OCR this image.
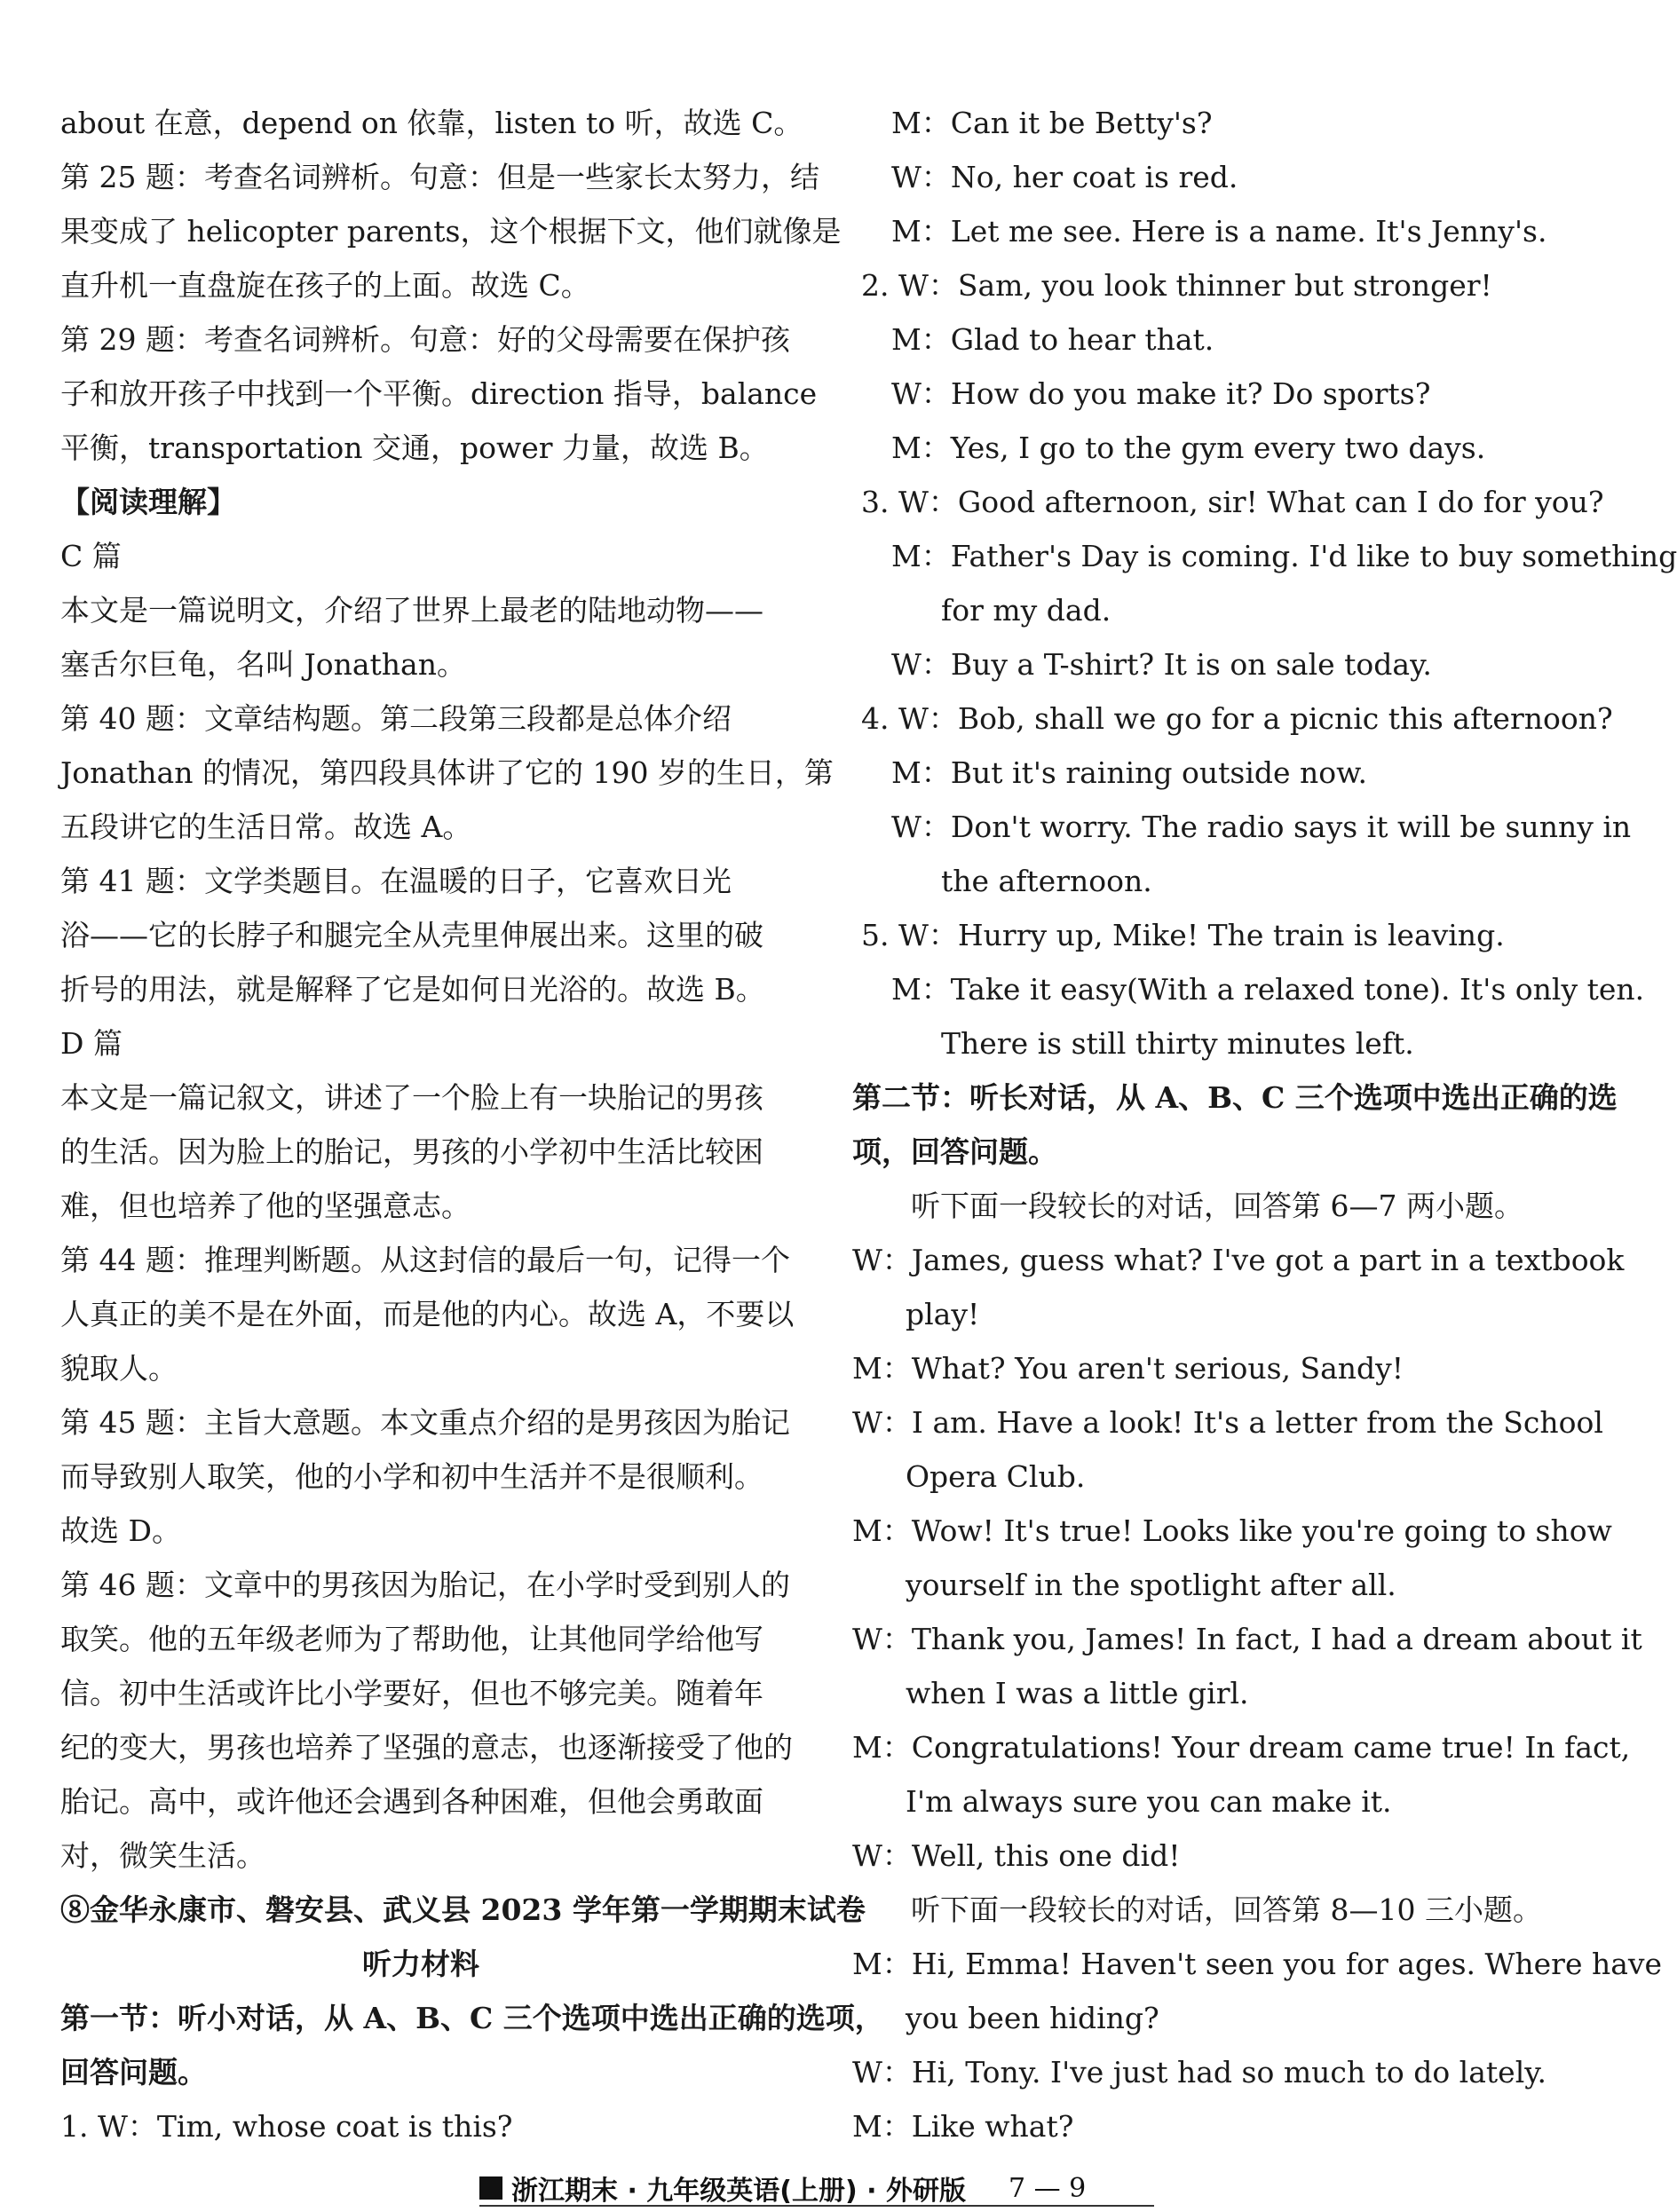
about 在意，depend on 依靠，listen to 听，故选 C。
第 25 题：考查名词辨析。句意：但是一些家长太努力，结
果变成了 helicopter parents，这个根据下文，他们就像是
直升机一直盘旋在孩子的上面。故选 C。
第 29 题：考查名词辨析。句意：好的父母需要在保护孩
子和放开孩子中找到一个平衡。direction 指导，balance
平衡，transportation 交通，power 力量，故选 B。
【阅读理解】
C 篇
本文是一篇说明文，介绍了世界上最老的陆地动物——
塞舌尔巨龟，名叫 Jonathan。
第 40 题：文章结构题。第二段第三段都是总体介绍
Jonathan 的情况，第四段具体讲了它的 190 岁的生日，第
五段讲它的生活日常。故选 A。
第 41 题：文学类题目。在温暖的日子，它喜欢日光
浴——它的长脖子和腿完全从壳里伸展出来。这里的破
折号的用法，就是解释了它是如何日光浴的。故选 B。
D 篇
本文是一篇记叙文，讲述了一个脸上有一块胎记的男孩
的生活。因为脸上的胎记，男孩的小学初中生活比较困
难，但也培养了他的坚强意志。
第 44 题：推理判断题。从这封信的最后一句，记得一个
人真正的美不是在外面，而是他的内心。故选 A，不要以
貌取人。
第 45 题：主旨大意题。本文重点介绍的是男孩因为胎记
而导致别人取笑，他的小学和初中生活并不是很顺利。
故选 D。
第 46 题：文章中的男孩因为胎记，在小学时受到别人的
取笑。他的五年级老师为了帮助他，让其他同学给他写
信。初中生活或许比小学要好，但也不够完美。随着年
纪的变大，男孩也培养了坚强的意志，也逐渐接受了他的
胎记。高中，或许他还会遇到各种困难，但他会勇敢面
对，微笑生活。
⑧金华永康市、磐安县、武义县 2023 学年第一学期期末试卷
听力材料
第一节：听小对话，从 A、B、C 三个选项中选出正确的选项，
回答问题。
1. W：Tim, whose coat is this?
M：Can it be Betty's?
W：No, her coat is red.
M：Let me see. Here is a name. It's Jenny's.
2. W：Sam, you look thinner but stronger!
M：Glad to hear that.
W：How do you make it? Do sports?
M：Yes, I go to the gym every two days.
3. W：Good afternoon, sir! What can I do for you?
M：Father's Day is coming. I'd like to buy something
for my dad.
W：Buy a T-shirt? It is on sale today.
4. W：Bob, shall we go for a picnic this afternoon?
M：But it's raining outside now.
W：Don't worry. The radio says it will be sunny in
the afternoon.
5. W：Hurry up, Mike! The train is leaving.
M：Take it easy(With a relaxed tone). It's only ten.
There is still thirty minutes left.
第二节：听长对话，从 A、B、C 三个选项中选出正确的选
项，回答问题。
听下面一段较长的对话，回答第 6—7 两小题。
W：James, guess what? I've got a part in a textbook
play!
M：What? You aren't serious, Sandy!
W：I am. Have a look! It's a letter from the School
Opera Club.
M：Wow! It's true! Looks like you're going to show
yourself in the spotlight after all.
W：Thank you, James! In fact, I had a dream about it
when I was a little girl.
M：Congratulations! Your dream came true! In fact,
I'm always sure you can make it.
W：Well, this one did!
听下面一段较长的对话，回答第 8—10 三小题。
M：Hi, Emma! Haven't seen you for ages. Where have
you been hiding?
W：Hi, Tony. I've just had so much to do lately.
M：Like what?
浙江期末 · 九年级英语(上册) · 外研版 7 — 9
